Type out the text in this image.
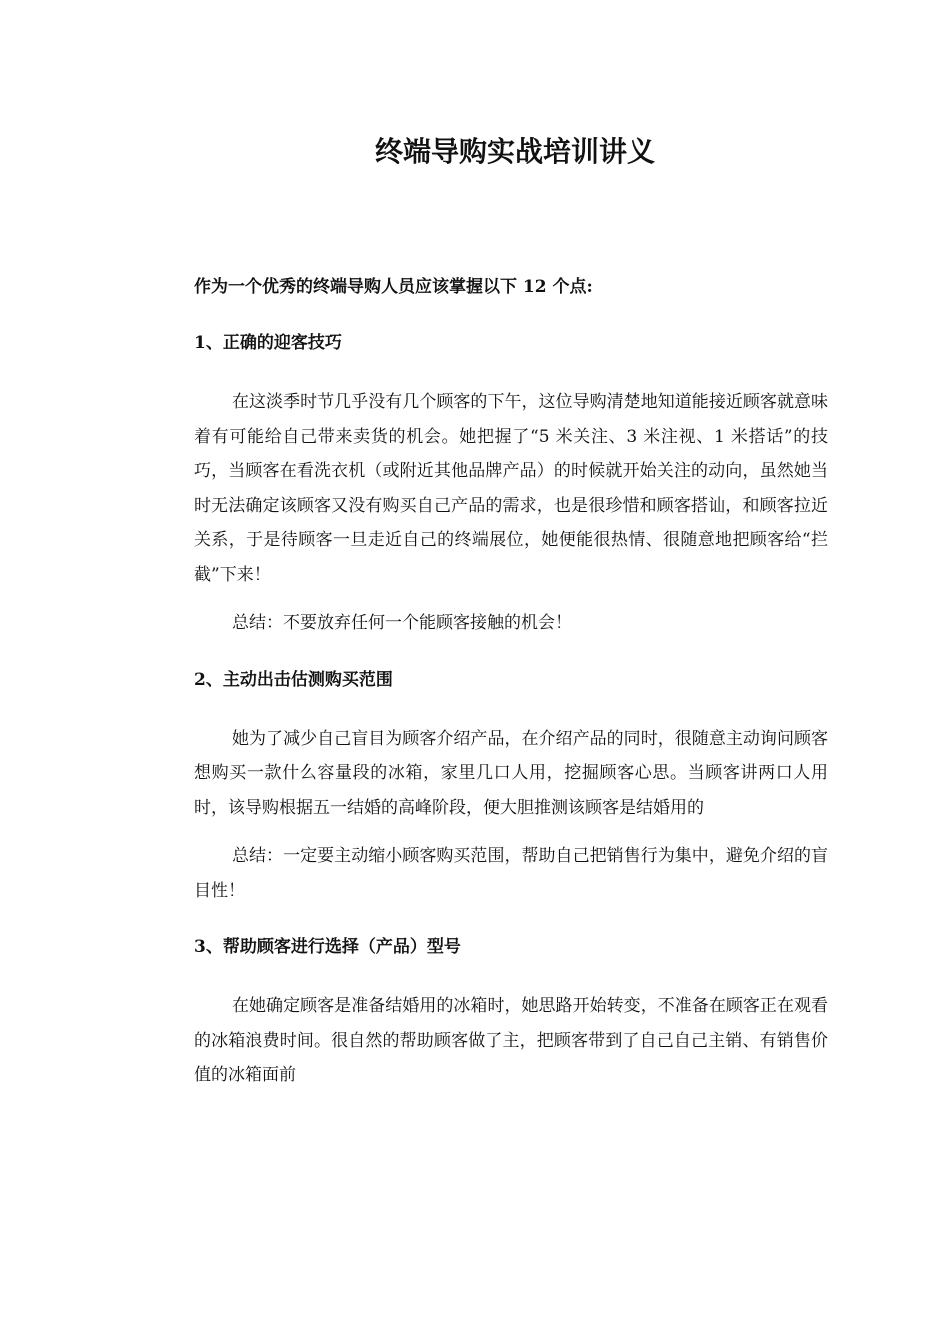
终端导购实战培训讲义
作为一个优秀的终端导购人员应该掌握以下 12 个点:
1、正确的迎客技巧
在这淡季时节几乎没有几个顾客的下午，这位导购清楚地知道能接近顾客就意味着有可能给自己带来卖货的机会。她把握了“5 米关注、3 米注视、1 米搭话”的技巧，当顾客在看洗衣机（或附近其他品牌产品）的时候就开始关注的动向，虽然她当时无法确定该顾客又没有购买自己产品的需求，也是很珍惜和顾客搭讪，和顾客拉近关系，于是待顾客一旦走近自己的终端展位，她便能很热情、很随意地把顾客给“拦截”下来！
总结：不要放弃任何一个能顾客接触的机会！
2、主动出击估测购买范围
她为了减少自己盲目为顾客介绍产品，在介绍产品的同时，很随意主动询问顾客想购买一款什么容量段的冰箱，家里几口人用，挖掘顾客心思。当顾客讲两口人用时，该导购根据五一结婚的高峰阶段，便大胆推测该顾客是结婚用的
总结：一定要主动缩小顾客购买范围，帮助自己把销售行为集中，避免介绍的盲目性！
3、帮助顾客进行选择（产品）型号
在她确定顾客是准备结婚用的冰箱时，她思路开始转变，不准备在顾客正在观看的冰箱浪费时间。很自然的帮助顾客做了主，把顾客带到了自己自己主销、有销售价值的冰箱面前
